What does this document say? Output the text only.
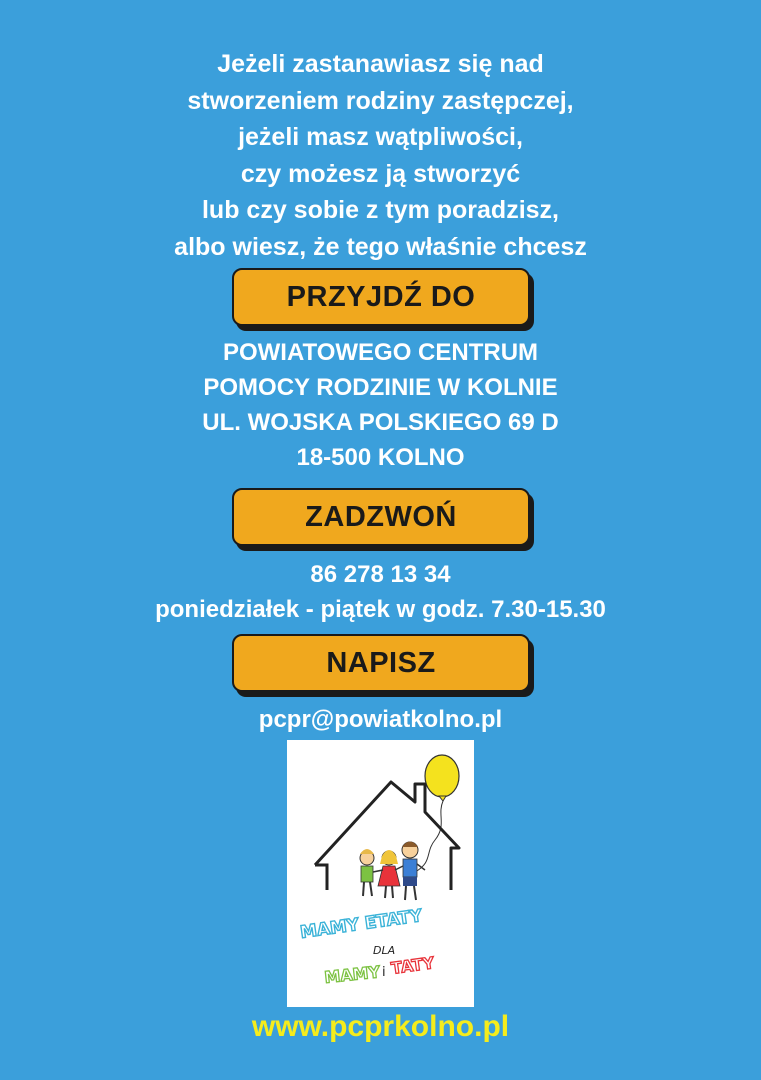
Jeżeli zastanawiasz się nad
stworzeniem rodziny zastępczej,
jeżeli masz wątpliwości,
czy możesz ją stworzyć
lub czy sobie z tym poradzisz,
albo wiesz, że tego właśnie chcesz
PRZYJDŹ DO
POWIATOWEGO CENTRUM
POMOCY RODZINIE W KOLNIE
UL. WOJSKA POLSKIEGO 69 D
18-500 KOLNO
ZADZWOŃ
86 278 13 34
poniedziałek - piątek w godz. 7.30-15.30
NAPISZ
pcpr@powiatkolno.pl
MAMY ETATY
DLA
MAMY i TATY
www.pcprkolno.pl
